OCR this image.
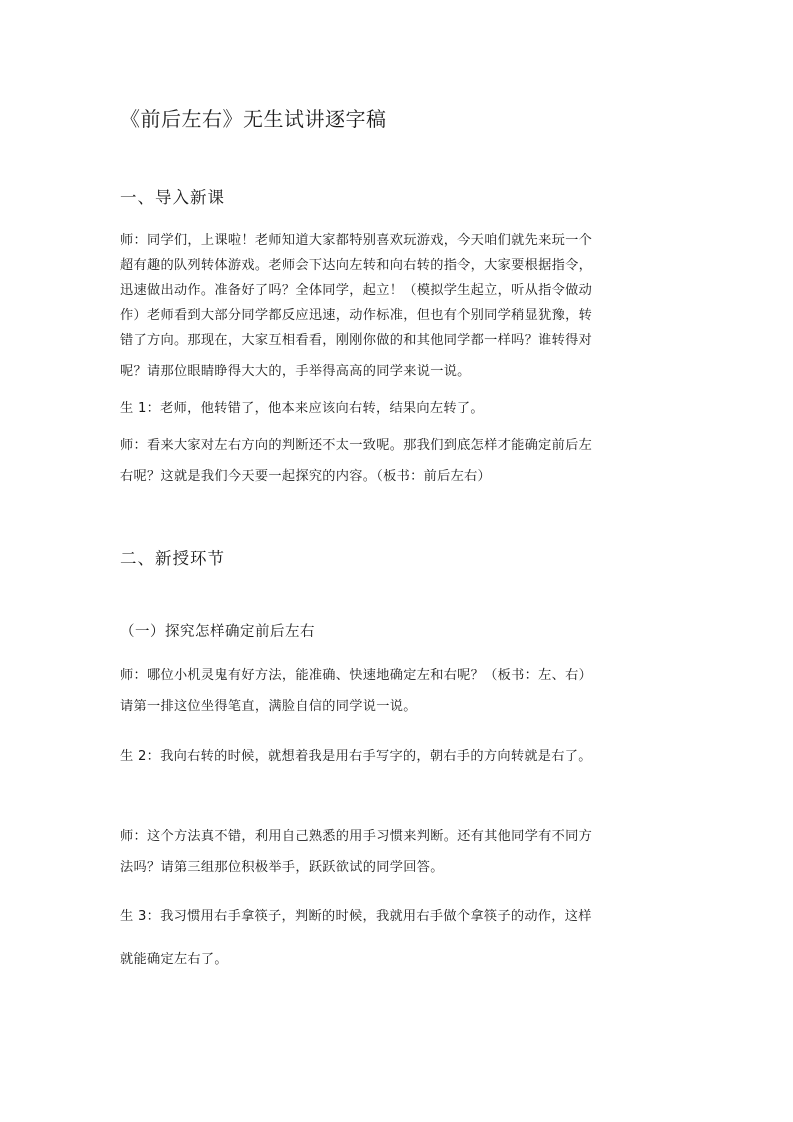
《前后左右》无生试讲逐字稿
一、导入新课

师：同学们，上课啦！老师知道大家都特别喜欢玩游戏，今天咱们就先来玩一个
超有趣的队列转体游戏。老师会下达向左转和向右转的指令，大家要根据指令，
迅速做出动作。准备好了吗？全体同学，起立！（模拟学生起立，听从指令做动
作）老师看到大部分同学都反应迅速，动作标准，但也有个别同学稍显犹豫，转
错了方向。那现在，大家互相看看，刚刚你做的和其他同学都一样吗？谁转得对
呢？请那位眼睛睁得大大的，手举得高高的同学来说一说。

生 1：老师，他转错了，他本来应该向右转，结果向左转了。

师：看来大家对左右方向的判断还不太一致呢。那我们到底怎样才能确定前后左
右呢？这就是我们今天要一起探究的内容。（板书：前后左右）

二、新授环节
（一）探究怎样确定前后左右

师：哪位小机灵鬼有好方法，能准确、快速地确定左和右呢？（板书：左、右）
请第一排这位坐得笔直，满脸自信的同学说一说。

生 2：我向右转的时候，就想着我是用右手写字的，朝右手的方向转就是右了。

师：这个方法真不错，利用自己熟悉的用手习惯来判断。还有其他同学有不同方
法吗？请第三组那位积极举手，跃跃欲试的同学回答。

生 3：我习惯用右手拿筷子，判断的时候，我就用右手做个拿筷子的动作，这样
就能确定左右了。
